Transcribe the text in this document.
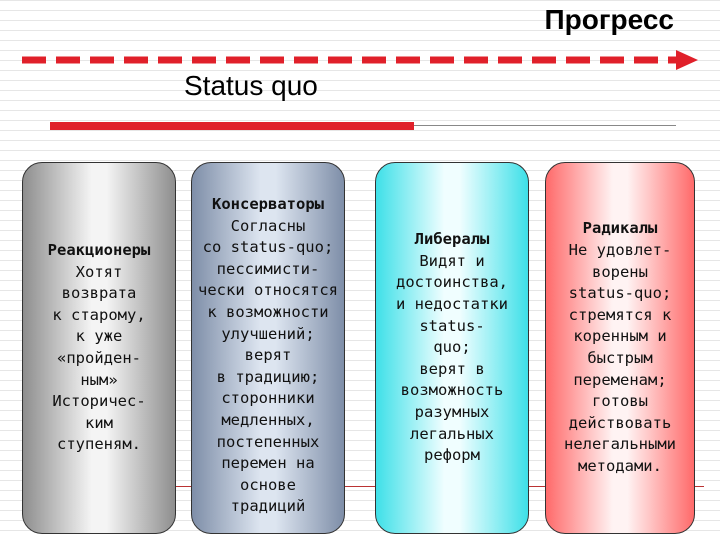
Прогресс
Status quo
Реакционеры
Хотят
возврата
к старому,
к уже
«пройден-
ным»
Историчес-
ким
ступеням.
Консерваторы
Согласны
со status-quo;
пессимисти-
чески относятся
к возможности
улучшений;
верят
в традицию;
сторонники
медленных,
постепенных
перемен на
основе
традиций
Либералы
Видят и
достоинства,
и недостатки
status-
quo;
верят в
возможность
разумных
легальных
реформ
Радикалы
Не удовлет-
ворены
status-quo;
стремятся к
коренным и
быстрым
переменам;
готовы
действовать
нелегальными
методами.
